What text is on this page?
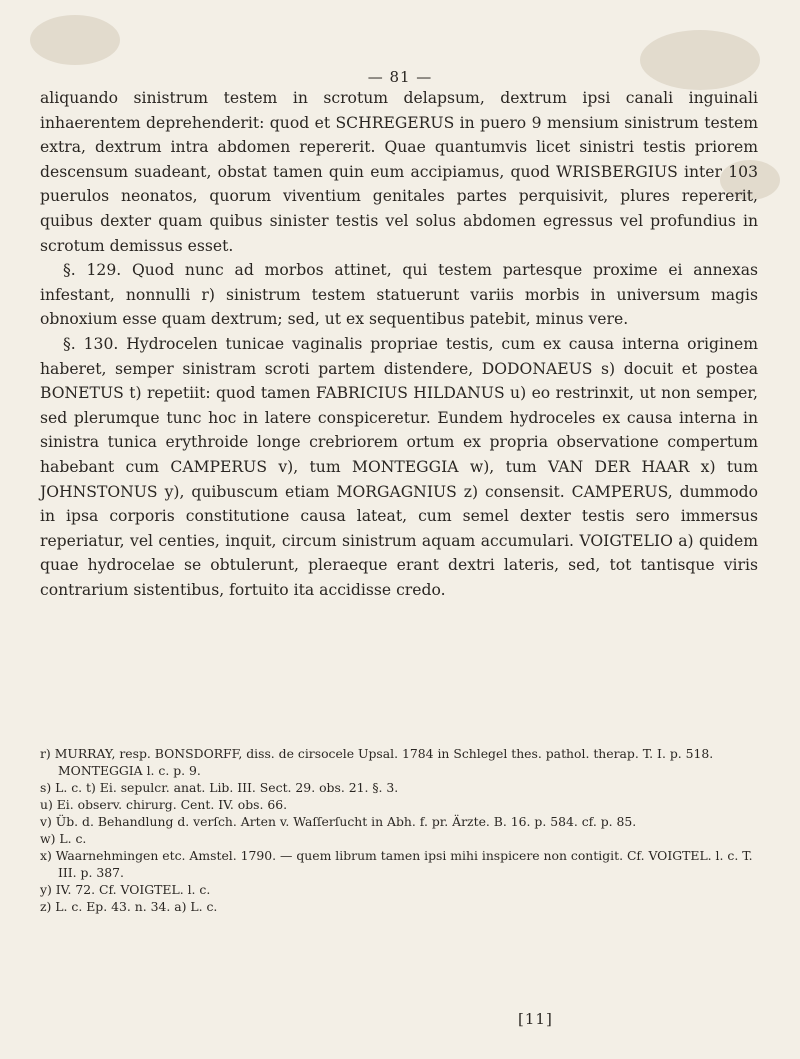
— 81 —

aliquando sinistrum testem in scrotum delapsum, dextrum ipsi canali inguinali inhaerentem deprehenderit: quod et SCHREGERUS in puero 9 mensium sinistrum testem extra, dextrum intra abdomen repererit. Quae quantumvis licet sinistri testis priorem descensum suadeant, obstat tamen quin eum accipiamus, quod WRISBERGIUS inter 103 puerulos neonatos, quorum viventium genitales partes perquisivit, plures repererit, quibus dexter quam quibus sinister testis vel solus abdomen egressus vel profundius in scrotum demissus esset.

§. 129. Quod nunc ad morbos attinet, qui testem partesque proxime ei annexas infestant, nonnulli r) sinistrum testem statuerunt variis morbis in universum magis obnoxium esse quam dextrum; sed, ut ex sequentibus patebit, minus vere.

§. 130. Hydrocelen tunicae vaginalis propriae testis, cum ex causa interna originem haberet, semper sinistram scroti partem distendere, DODONAEUS s) docuit et postea BONETUS t) repetiit: quod tamen FABRICIUS HILDANUS u) eo restrinxit, ut non semper, sed plerumque tunc hoc in latere conspiceretur. Eundem hydroceles ex causa interna in sinistra tunica erythroide longe crebriorem ortum ex propria observatione compertum habebant cum CAMPERUS v), tum MONTEGGIA w), tum VAN DER HAAR x) tum JOHNSTONUS y), quibuscum etiam MORGAGNIUS z) consensit. CAMPERUS, dummodo in ipsa corporis constitutione causa lateat, cum semel dexter testis sero immersus reperiatur, vel centies, inquit, circum sinistrum aquam accumulari. VOIGTELIO a) quidem quae hydrocelae se obtulerunt, pleraeque erant dextri lateris, sed, tot tantisque viris contrarium sistentibus, fortuito ita accidisse credo.

r) MURRAY, resp. BONSDORFF, diss. de cirsocele Upsal. 1784 in Schlegel thes. pathol. therap. T. I. p. 518. MONTEGGIA l. c. p. 9.

s) L. c. t) Ei. sepulcr. anat. Lib. III. Sect. 29. obs. 21. §. 3.

u) Ei. observ. chirurg. Cent. IV. obs. 66.

v) Üb. d. Behandlung d. verſch. Arten v. Waſſerſucht in Abh. f. pr. Ärzte. B. 16. p. 584. cf. p. 85.

w) L. c.

x) Waarnehmingen etc. Amstel. 1790. — quem librum tamen ipsi mihi inspicere non contigit. Cf. VOIGTEL. l. c. T. III. p. 387.

y) IV. 72. Cf. VOIGTEL. l. c.

z) L. c. Ep. 43. n. 34. a) L. c.

[11]
